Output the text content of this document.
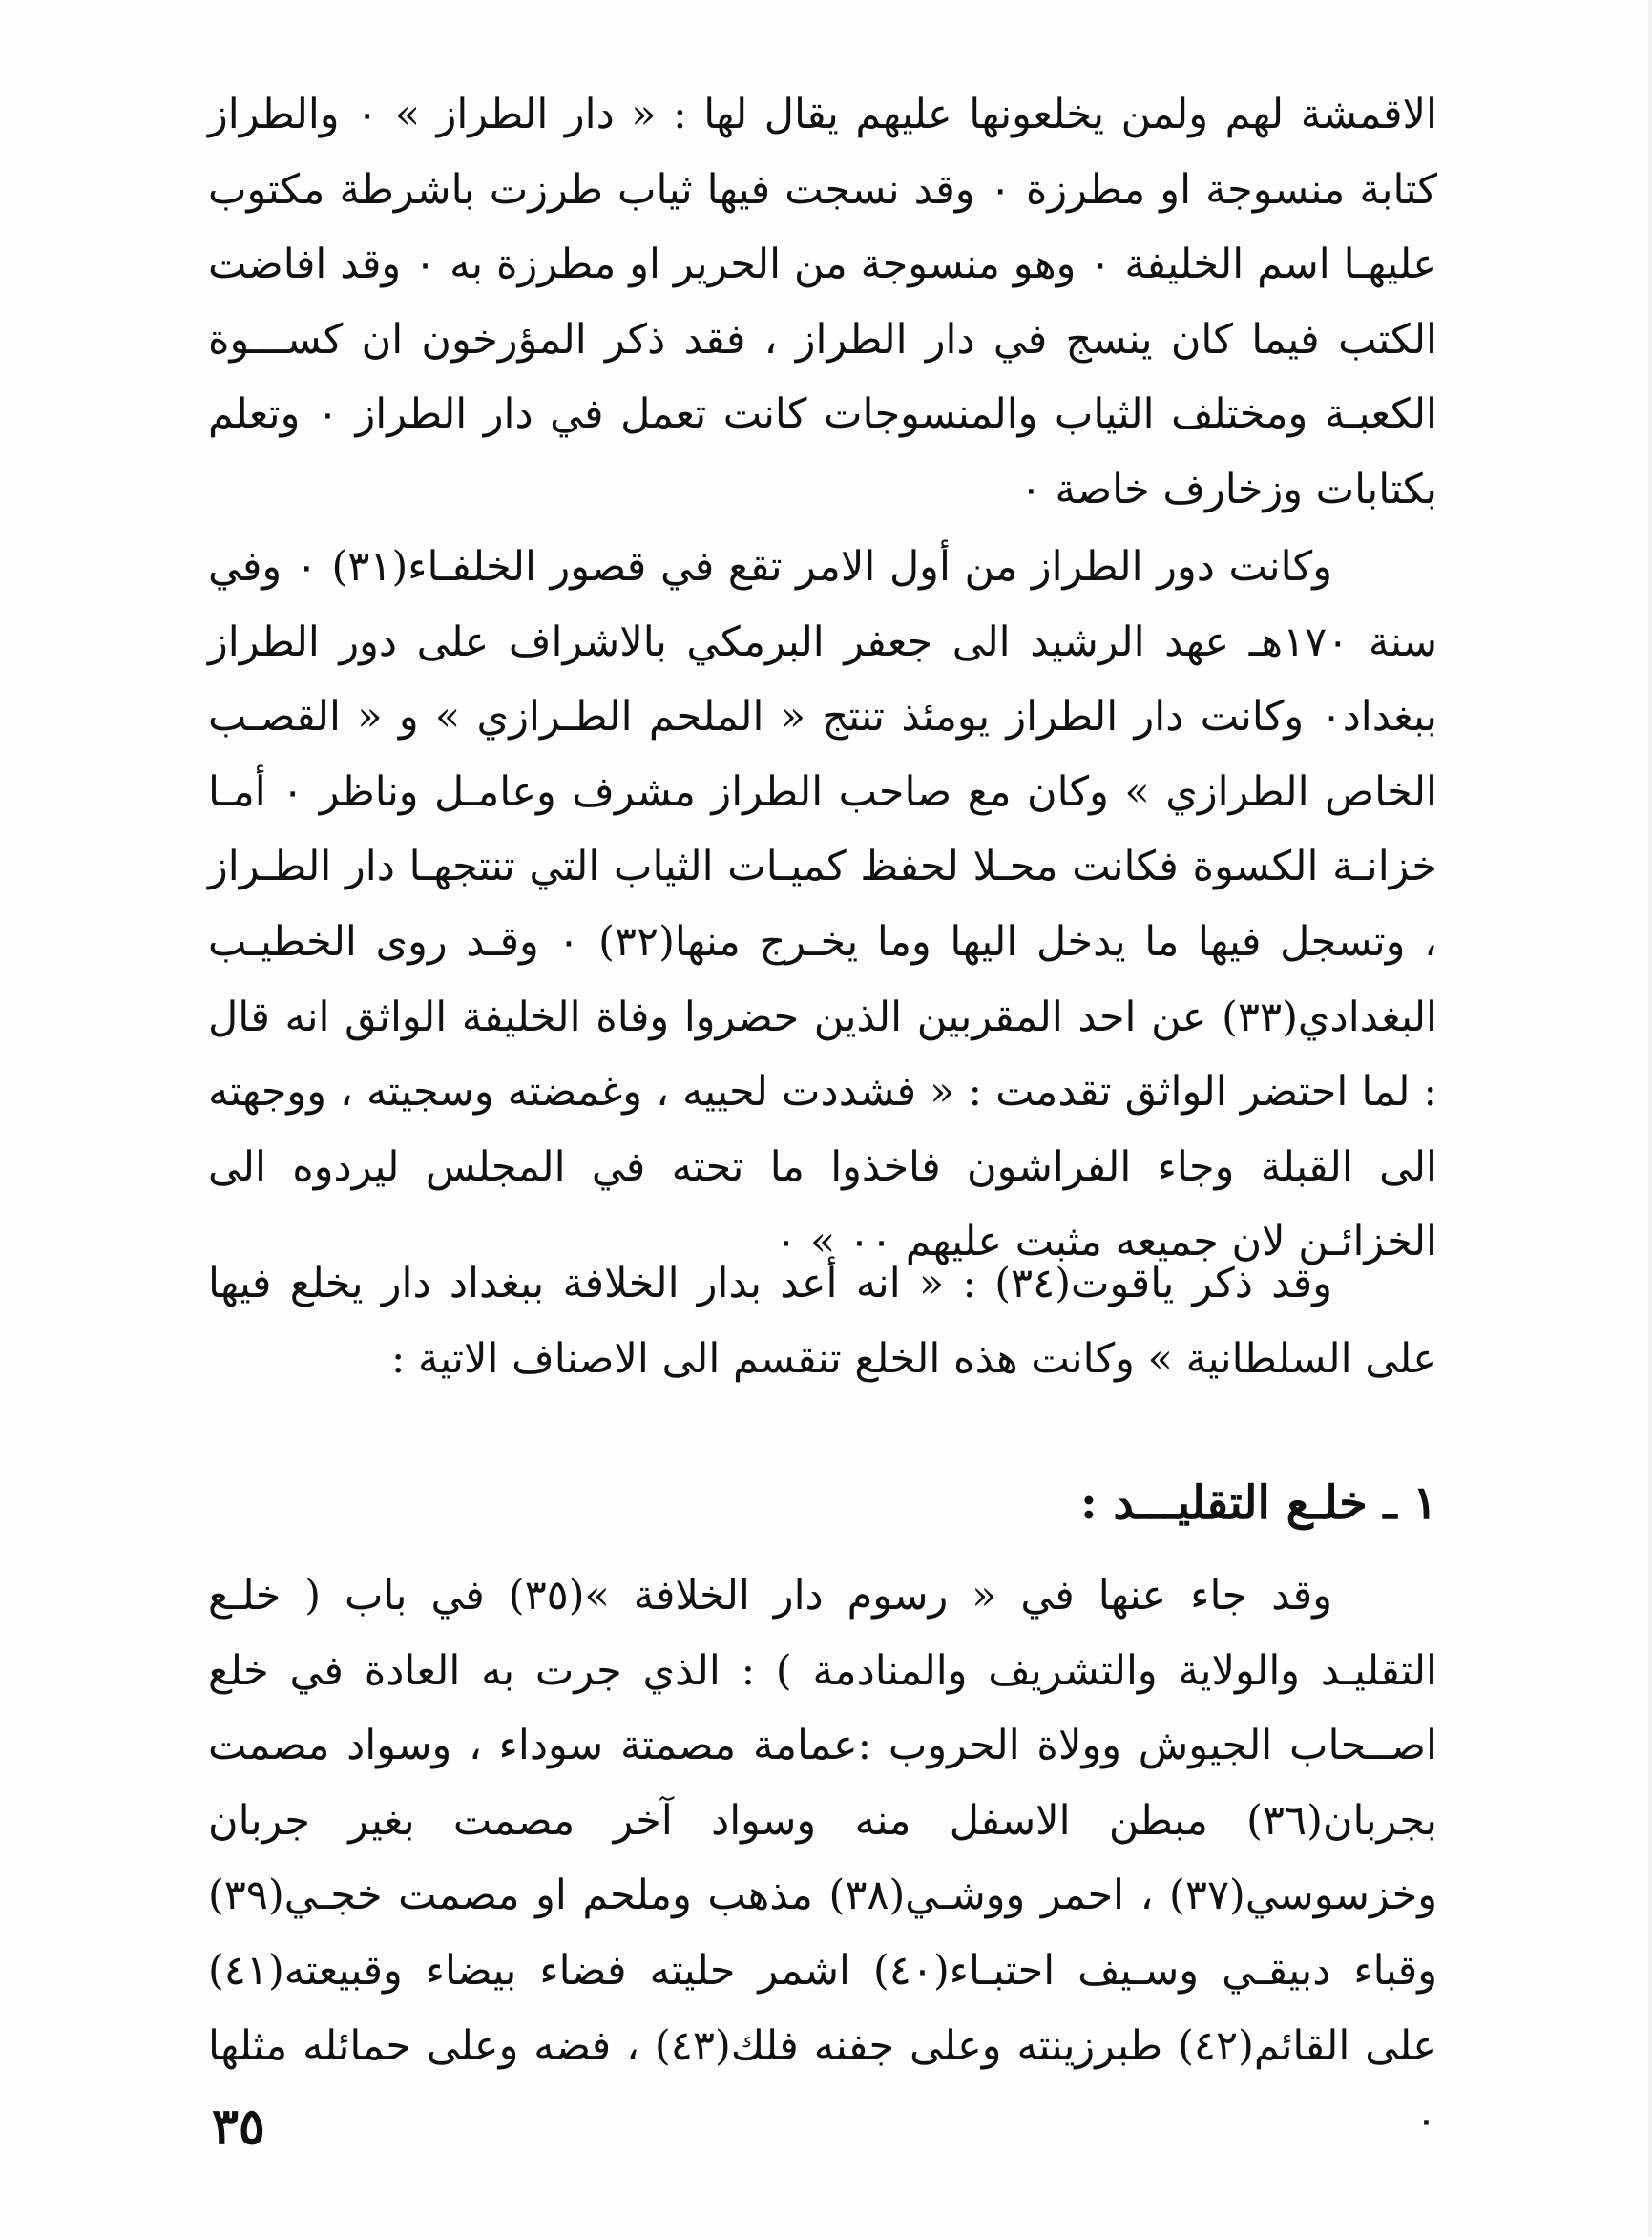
الاقمشة لهم ولمن يخلعونها عليهم يقال لها : « دار الطراز » ٠ والطراز كتابة منسوجة او مطرزة ٠ وقد نسجت فيها ثياب طرزت باشرطة مكتوب عليهـا اسم الخليفة ٠ وهو منسوجة من الحرير او مطرزة به ٠ وقد افاضت الكتب فيما كان ينسج في دار الطراز ، فقد ذكر المؤرخون ان كســـوة الكعبـة ومختلف الثياب والمنسوجات كانت تعمل في دار الطراز ٠ وتعلم بكتابات وزخارف خاصة ٠

وكانت دور الطراز من أول الامر تقع في قصور الخلفـاء(٣١) ٠ وفي سنة ١٧٠هـ عهد الرشيد الى جعفر البرمكي بالاشراف على دور الطراز ببغداد٠ وكانت دار الطراز يومئذ تنتج « الملحم الطـرازي » و « القصـب الخاص الطرازي » وكان مع صاحب الطراز مشرف وعامـل وناظر ٠ أمـا خزانـة الكسوة فكانت محـلا لحفظ كميـات الثياب التي تنتجهـا دار الطـراز ، وتسجل فيها ما يدخل اليها وما يخـرج منها(٣٢) ٠ وقـد روى الخطيـب البغدادي(٣٣) عن احد المقربين الذين حضروا وفاة الخليفة الواثق انه قال : لما احتضر الواثق تقدمت : « فشددت لحييه ، وغمضته وسجيته ، ووجهته الى القبلة وجاء الفراشون فاخذوا ما تحته في المجلس ليردوه الى الخزائـن لان جميعه مثبت عليهم ٠٠ » ٠

وقد ذكر ياقوت(٣٤) : « انه أعد بدار الخلافة ببغداد دار يخلع فيها على السلطانية » وكانت هذه الخلع تنقسم الى الاصناف الاتية :

١ ـ خلـع التقليـــد :

وقد جاء عنها في « رسوم دار الخلافة »(٣٥) في باب ( خلـع التقليـد والولاية والتشريف والمنادمة ) : الذي جرت به العادة في خلع اصــحاب الجيوش وولاة الحروب :عمامة مصمتة سوداء ، وسواد مصمت بجربان(٣٦) مبطن الاسفل منه وسواد آخر مصمت بغير جربان وخزسوسي(٣٧) ، احمر ووشـي(٣٨) مذهب وملحم او مصمت خجـي(٣٩) وقباء دبيقـي وسـيف احتبـاء(٤٠) اشمر حليته فضاء بيضاء وقبيعته(٤١) على القائم(٤٢) طبرزينته وعلى جفنه فلك(٤٣) ، فضه وعلى حمائله مثلها ٠

٣٥
